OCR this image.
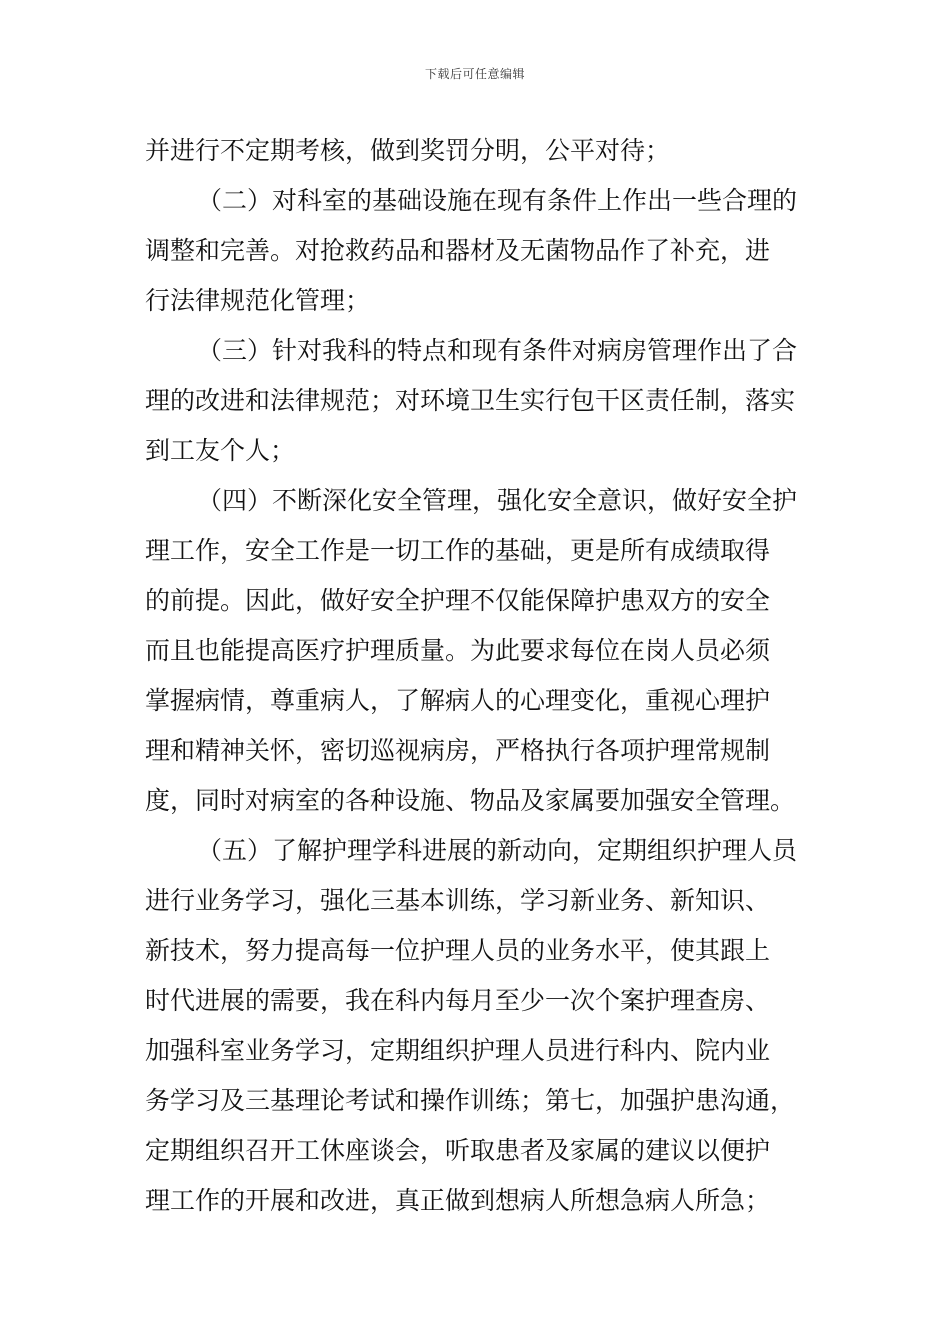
下载后可任意编辑
并进行不定期考核，做到奖罚分明，公平对待；
（二）对科室的基础设施在现有条件上作出一些合理的
调整和完善。对抢救药品和器材及无菌物品作了补充，进
行法律规范化管理；
（三）针对我科的特点和现有条件对病房管理作出了合
理的改进和法律规范；对环境卫生实行包干区责任制，落实
到工友个人；
（四）不断深化安全管理，强化安全意识，做好安全护
理工作，安全工作是一切工作的基础，更是所有成绩取得
的前提。因此，做好安全护理不仅能保障护患双方的安全
而且也能提高医疗护理质量。为此要求每位在岗人员必须
掌握病情，尊重病人，了解病人的心理变化，重视心理护
理和精神关怀，密切巡视病房，严格执行各项护理常规制
度，同时对病室的各种设施、物品及家属要加强安全管理。
（五）了解护理学科进展的新动向，定期组织护理人员
进行业务学习，强化三基本训练，学习新业务、新知识、
新技术，努力提高每一位护理人员的业务水平，使其跟上
时代进展的需要，我在科内每月至少一次个案护理查房、
加强科室业务学习，定期组织护理人员进行科内、院内业
务学习及三基理论考试和操作训练；第七，加强护患沟通，
定期组织召开工休座谈会，听取患者及家属的建议以便护
理工作的开展和改进，真正做到想病人所想急病人所急；
